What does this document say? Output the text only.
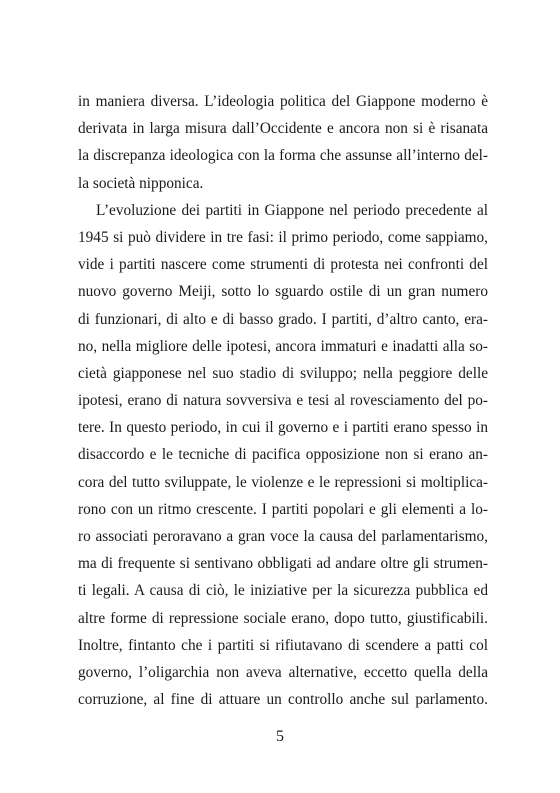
in maniera diversa. L’ideologia politica del Giappone moderno è
derivata in larga misura dall’Occidente e ancora non si è risanata
la discrepanza ideologica con la forma che assunse all’interno del-
la società nipponica.
L’evoluzione dei partiti in Giappone nel periodo precedente al
1945 si può dividere in tre fasi: il primo periodo, come sappiamo,
vide i partiti nascere come strumenti di protesta nei confronti del
nuovo governo Meiji, sotto lo sguardo ostile di un gran numero
di funzionari, di alto e di basso grado. I partiti, d’altro canto, era-
no, nella migliore delle ipotesi, ancora immaturi e inadatti alla so-
cietà giapponese nel suo stadio di sviluppo; nella peggiore delle
ipotesi, erano di natura sovversiva e tesi al rovesciamento del po-
tere. In questo periodo, in cui il governo e i partiti erano spesso in
disaccordo e le tecniche di pacifica opposizione non si erano an-
cora del tutto sviluppate, le violenze e le repressioni si moltiplica-
rono con un ritmo crescente. I partiti popolari e gli elementi a lo-
ro associati peroravano a gran voce la causa del parlamentarismo,
ma di frequente si sentivano obbligati ad andare oltre gli strumen-
ti legali. A causa di ciò, le iniziative per la sicurezza pubblica ed
altre forme di repressione sociale erano, dopo tutto, giustificabili.
Inoltre, fintanto che i partiti si rifiutavano di scendere a patti col
governo, l’oligarchia non aveva alternative, eccetto quella della
corruzione, al fine di attuare un controllo anche sul parlamento.
5
